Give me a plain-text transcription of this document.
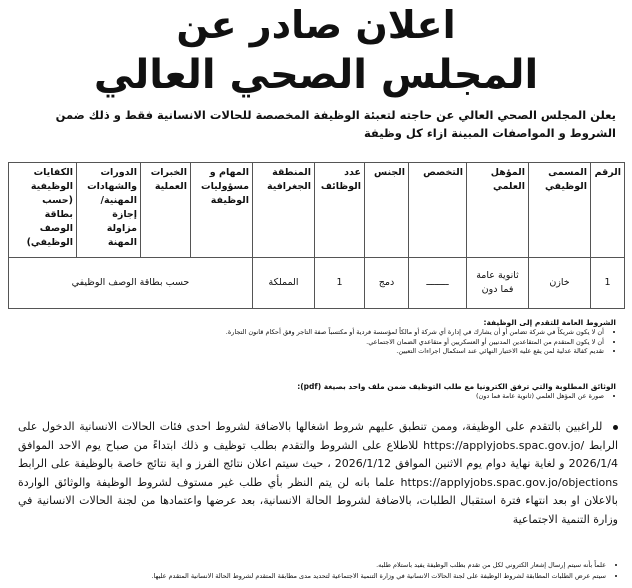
اعلان صادر عن
المجلس الصحي العالي
يعلن المجلس الصحي العالي عن حاجته لتعبئة الوظيفة المخصصة للحالات الانسانية فقط و ذلك ضمن الشروط و المواصفات المبينة ازاء كل وظيفة
الرقم	المسمى الوظيفي	المؤهل العلمي	التخصص	الجنس	عدد الوظائف	المنطقة الجغرافية	المهام و مسؤوليات الوظيفة	الخبرات العملية	الدورات والشهادات المهنية/إجازة مزاولة المهنة	الكفايات الوظيفية (حسب بطاقة الوصف الوظيفي)
1	خازن	ثانوية عامة فما دون	ــــــــ	دمج	1	المملكة	حسب بطاقة الوصف الوظيفي			
الشروط العامة للتقدم إلى الوظيفة:
• أن لا يكون شريكاً في شركة تضامن أو أن يشارك في إدارة أي شركة أو مالكاً لمؤسسة فردية أو مكتسباً صفة التاجر وفق أحكام قانون التجارة.
• أن لا يكون المتقدم من المتقاعدين المدنيين أو العسكريين أو متقاعدي الضمان الاجتماعي.
• تقديم كفالة عدلية لمن يقع عليه الاختيار النهائي عند استكمال اجراءات التعيين.
الوثائق المطلوبة والتي ترفق الكترونيا مع طلب التوظيف ضمن ملف واحد بصيغة (pdf):
• صورة عن المؤهل العلمي (ثانوية عامة فما دون)
للراغبين بالتقدم على الوظيفة، وممن تنطبق عليهم شروط اشغالها بالاضافة لشروط احدى فئات الحالات الانسانية الدخول على الرابط https://applyjobs.spac.gov.jo/ للاطلاع على الشروط والتقدم بطلب توظيف و ذلك ابتداءً من صباح يوم الاحد الموافق 2026/1/4 و لغاية نهاية دوام يوم الاثنين الموافق 2026/1/12 ، حيث سيتم اعلان نتائج الفرز و اية نتائج خاصة بالوظيفة على الرابط https://applyjobs.spac.gov.jo/objections علما بانه لن يتم النظر بأي طلب غير مستوف لشروط الوظيفة والوثائق الواردة بالاعلان او بعد انتهاء فترة استقبال الطلبات، بالاضافة لشروط الحالة الانسانية، بعد عرضها واعتمادها من لجنة الحالات الانسانية في وزارة التنمية الاجتماعية
• علماً بأنه سيتم إرسال إشعار الكتروني لكل من تقدم بطلب الوظيفة يفيد باستلام طلبه.
• سيتم عرض الطلبات المطابقة لشروط الوظيفة على لجنة الحالات الانسانية في وزارة التنمية الاجتماعية لتحديد مدى مطابقة المتقدم لشروط الحالة الانسانية المتقدم عليها.
